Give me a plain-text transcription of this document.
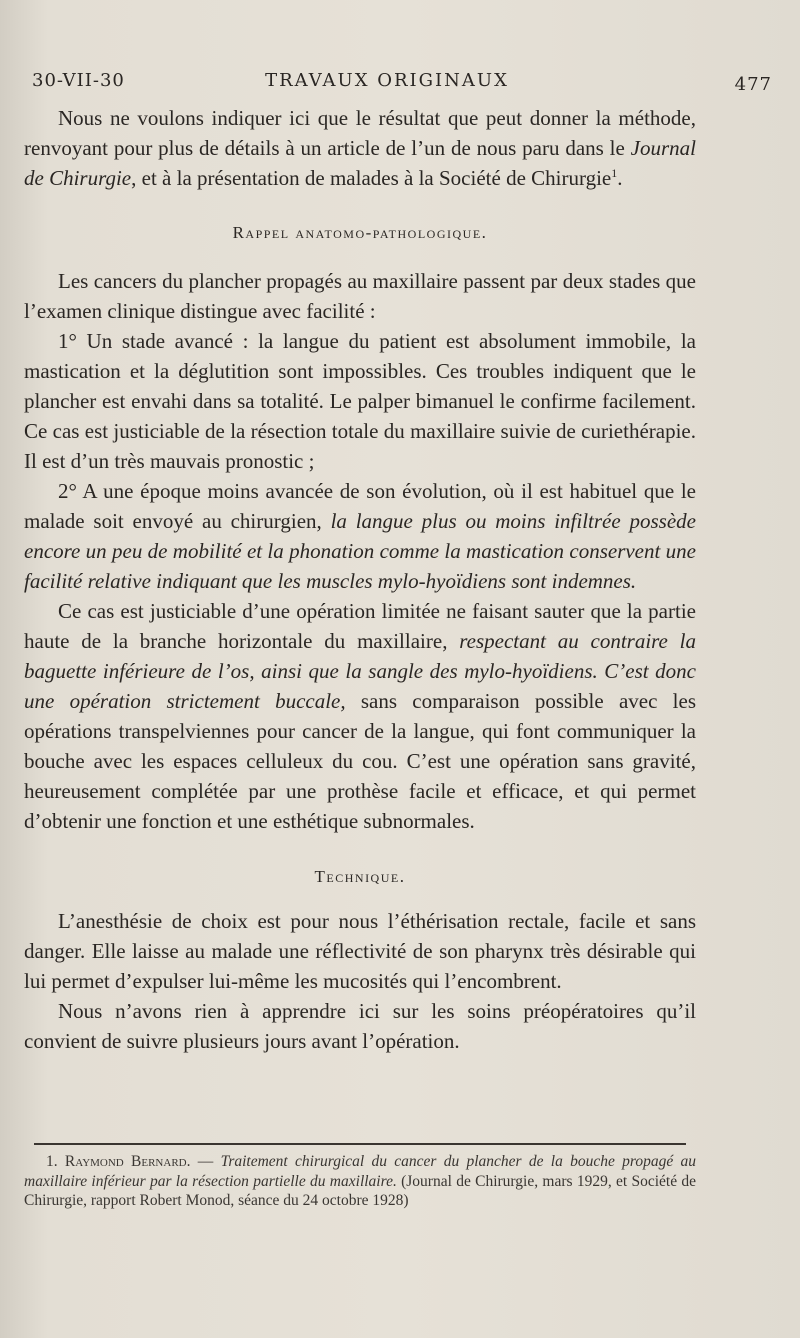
30-VII-30	TRAVAUX ORIGINAUX	477

Nous ne voulons indiquer ici que le résultat que peut donner la méthode, renvoyant pour plus de détails à un article de l’un de nous paru dans le Journal de Chirurgie, et à la présentation de malades à la Société de Chirurgie$^1$.

Rappel anatomo-pathologique.

Les cancers du plancher propagés au maxillaire passent par deux stades que l’examen clinique distingue avec facilité :

1° Un stade avancé : la langue du patient est absolument immobile, la mastication et la déglutition sont impossibles. Ces troubles indiquent que le plancher est envahi dans sa totalité. Le palper bimanuel le confirme facilement. Ce cas est justiciable de la résection totale du maxillaire suivie de curiethérapie. Il est d’un très mauvais pronostic ;

2° A une époque moins avancée de son évolution, où il est habituel que le malade soit envoyé au chirurgien, la langue plus ou moins infiltrée possède encore un peu de mobilité et la phonation comme la mastication conservent une facilité relative indiquant que les muscles mylo-hyoïdiens sont indemnes.

Ce cas est justiciable d’une opération limitée ne faisant sauter que la partie haute de la branche horizontale du maxillaire, respectant au contraire la baguette inférieure de l’os, ainsi que la sangle des mylo-hyoïdiens. C’est donc une opération strictement buccale, sans comparaison possible avec les opérations transpelviennes pour cancer de la langue, qui font communiquer la bouche avec les espaces celluleux du cou. C’est une opération sans gravité, heureusement complétée par une prothèse facile et efficace, et qui permet d’obtenir une fonction et une esthétique subnormales.

Technique.

L’anesthésie de choix est pour nous l’éthérisation rectale, facile et sans danger. Elle laisse au malade une réflectivité de son pharynx très désirable qui lui permet d’expulser lui-même les mucosités qui l’encombrent.

Nous n’avons rien à apprendre ici sur les soins préopératoires qu’il convient de suivre plusieurs jours avant l’opération.

1. Raymond Bernard. — Traitement chirurgical du cancer du plancher de la bouche propagé au maxillaire inférieur par la résection partielle du maxillaire. (Journal de Chirurgie, mars 1929, et Société de Chirurgie, rapport Robert Monod, séance du 24 octobre 1928)
